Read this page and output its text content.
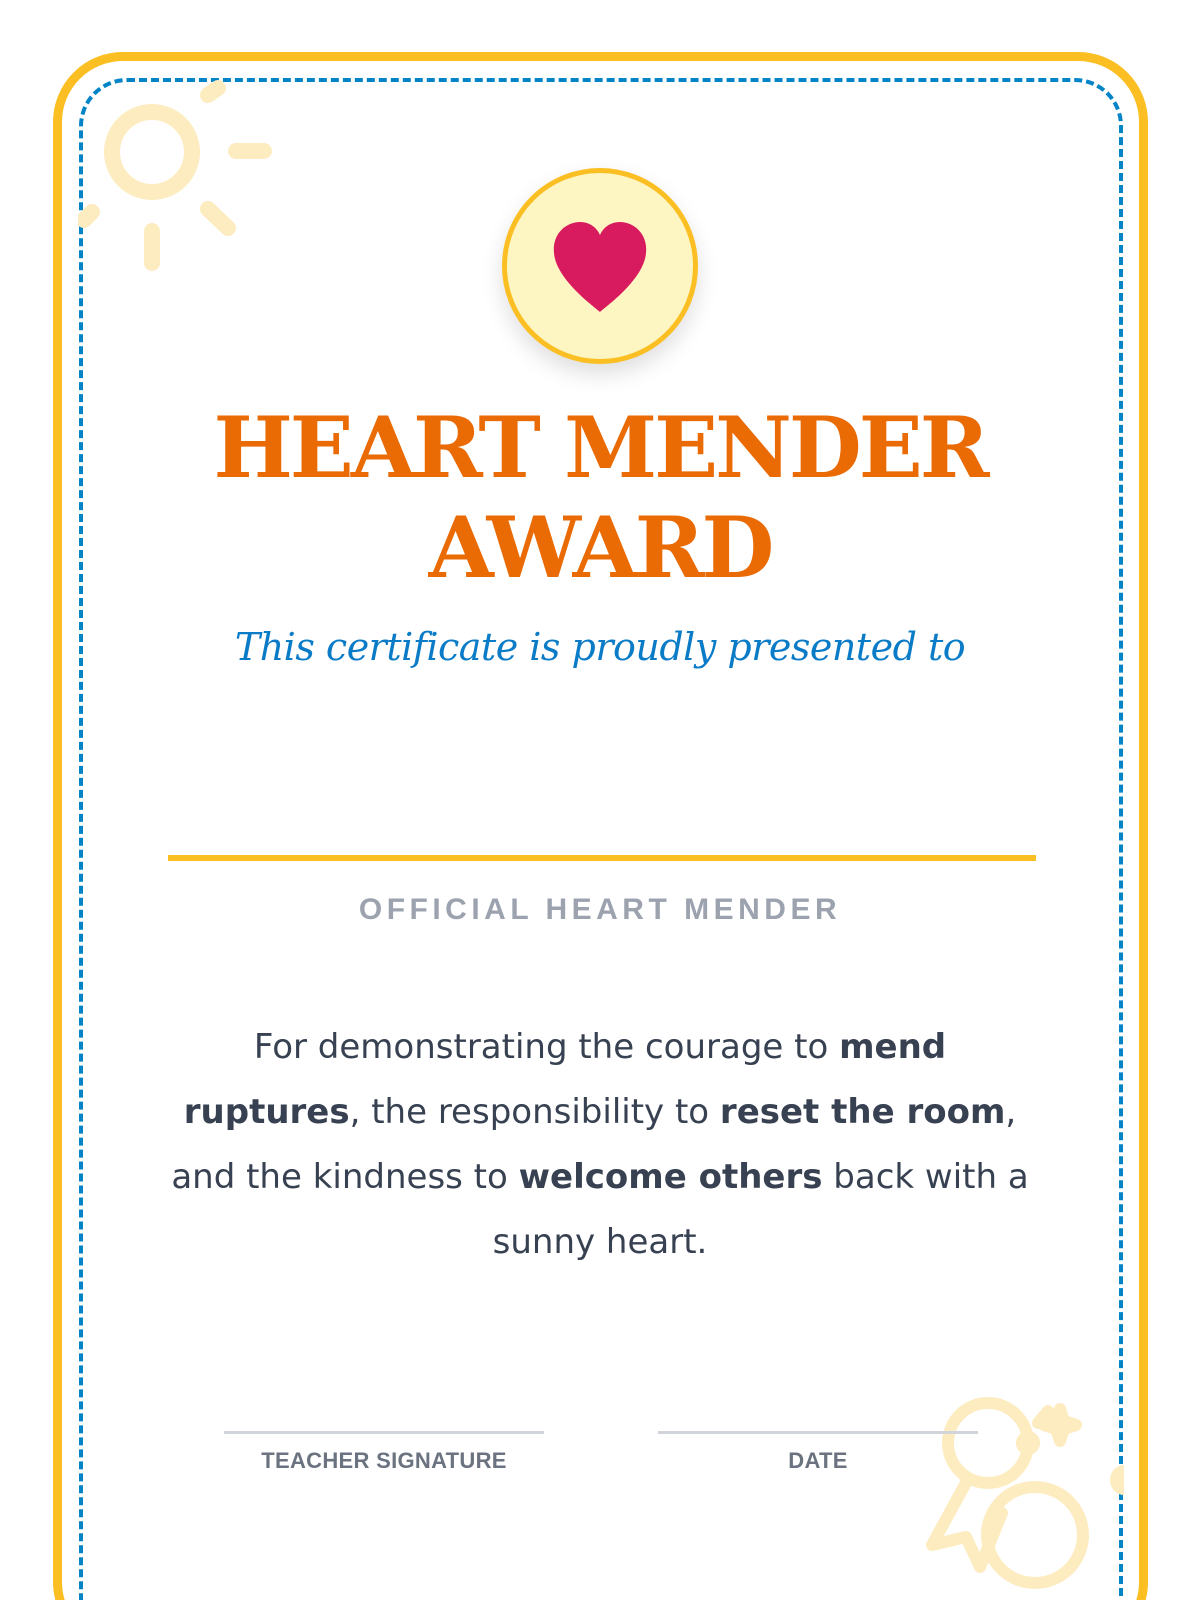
HEART MENDER
AWARD
This certificate is proudly presented to
OFFICIAL HEART MENDER

For demonstrating the courage to mend ruptures, the responsibility to reset the room, and the kindness to welcome others back with a sunny heart.

TEACHER SIGNATURE	DATE
